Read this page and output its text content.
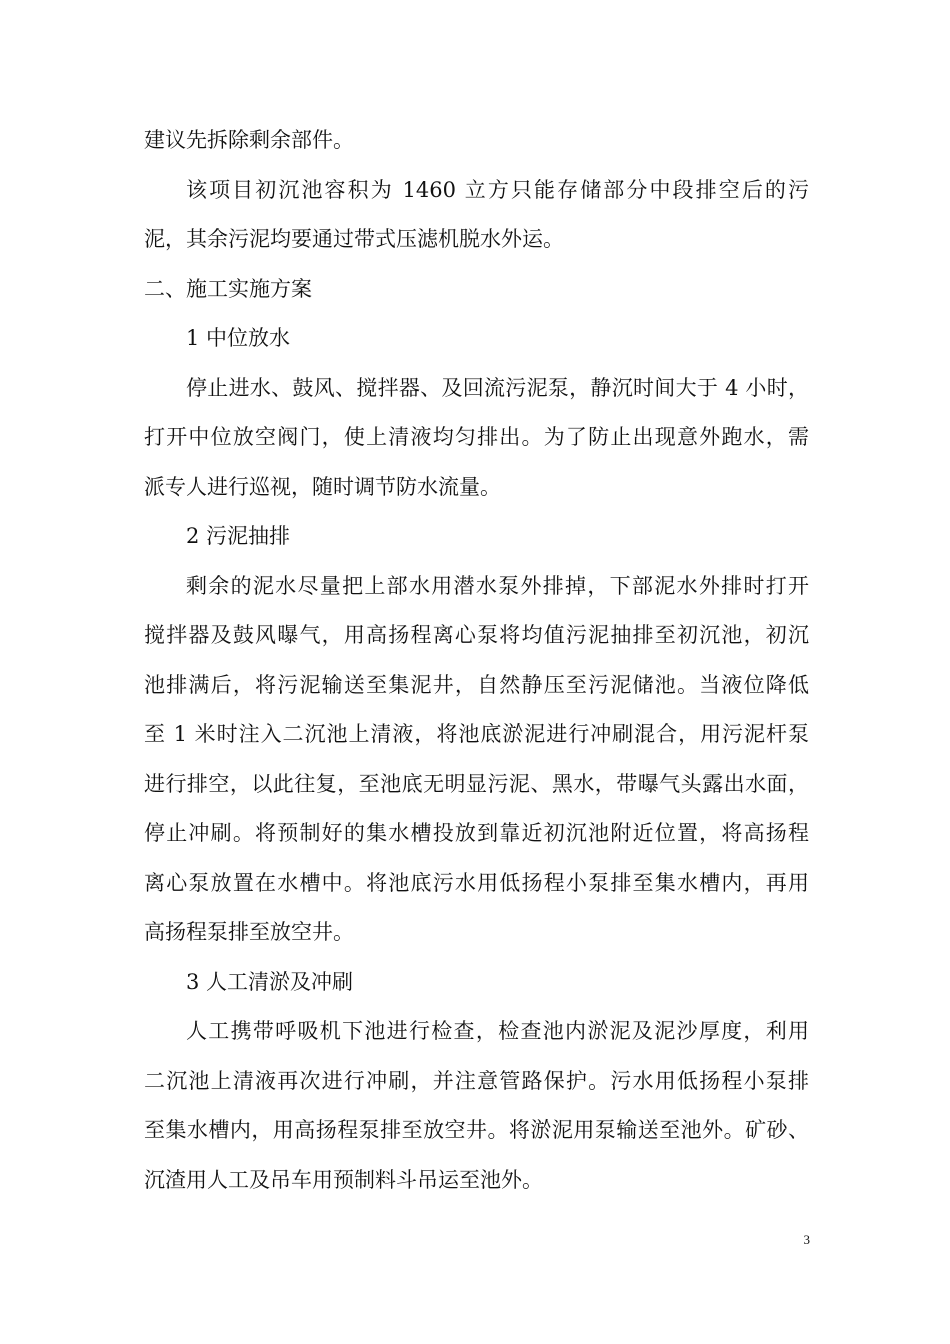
建议先拆除剩余部件。
该项目初沉池容积为 1460 立方只能存储部分中段排空后的污
泥，其余污泥均要通过带式压滤机脱水外运。
二、施工实施方案
1 中位放水
停止进水、鼓风、搅拌器、及回流污泥泵，静沉时间大于 4 小时，
打开中位放空阀门，使上清液均匀排出。为了防止出现意外跑水，需
派专人进行巡视，随时调节防水流量。
2 污泥抽排
剩余的泥水尽量把上部水用潜水泵外排掉，下部泥水外排时打开
搅拌器及鼓风曝气，用高扬程离心泵将均值污泥抽排至初沉池，初沉
池排满后，将污泥输送至集泥井，自然静压至污泥储池。当液位降低
至 1 米时注入二沉池上清液，将池底淤泥进行冲刷混合，用污泥杆泵
进行排空，以此往复，至池底无明显污泥、黑水，带曝气头露出水面，
停止冲刷。将预制好的集水槽投放到靠近初沉池附近位置，将高扬程
离心泵放置在水槽中。将池底污水用低扬程小泵排至集水槽内，再用
高扬程泵排至放空井。
3 人工清淤及冲刷
人工携带呼吸机下池进行检查，检查池内淤泥及泥沙厚度，利用
二沉池上清液再次进行冲刷，并注意管路保护。污水用低扬程小泵排
至集水槽内，用高扬程泵排至放空井。将淤泥用泵输送至池外。矿砂、
沉渣用人工及吊车用预制料斗吊运至池外。
3
